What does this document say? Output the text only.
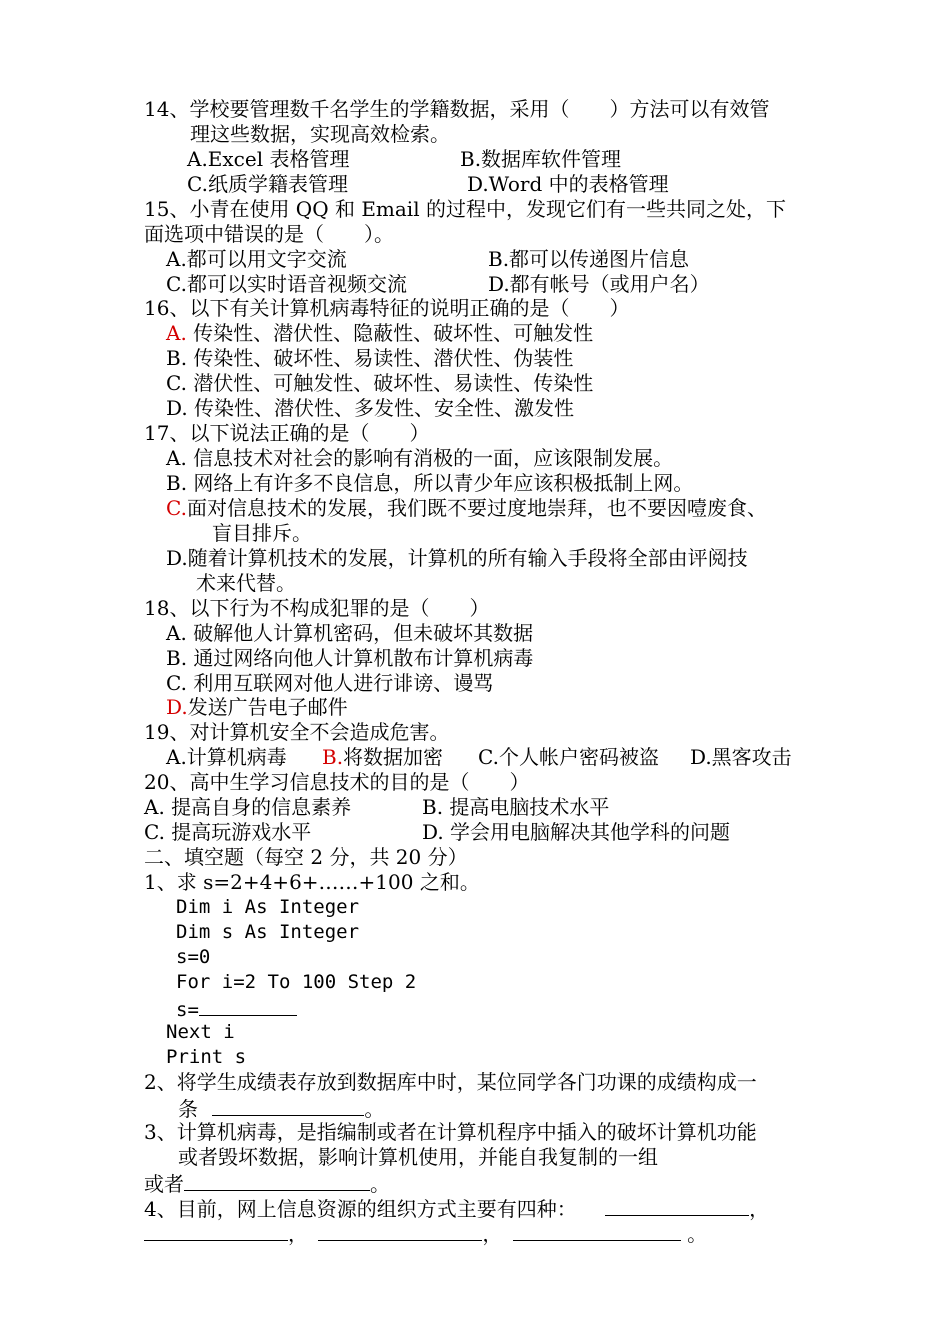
14、学校要管理数千名学生的学籍数据，采用（　　）方法可以有效管
理这些数据，实现高效检索。
A.Excel 表格管理	B.数据库软件管理
C.纸质学籍表管理	D.Word 中的表格管理
15、小青在使用 QQ 和 Email 的过程中，发现它们有一些共同之处，下
面选项中错误的是（　　）。
A.都可以用文字交流	B.都可以传递图片信息
C.都可以实时语音视频交流	D.都有帐号（或用户名）
16、以下有关计算机病毒特征的说明正确的是（　　）
A. 传染性、潜伏性、隐蔽性、破坏性、可触发性
B. 传染性、破坏性、易读性、潜伏性、伪装性
C. 潜伏性、可触发性、破坏性、易读性、传染性
D. 传染性、潜伏性、多发性、安全性、激发性
17、以下说法正确的是（　　）
A. 信息技术对社会的影响有消极的一面，应该限制发展。
B. 网络上有许多不良信息，所以青少年应该积极抵制上网。
C.面对信息技术的发展，我们既不要过度地崇拜，也不要因噎废食、
盲目排斥。
D.随着计算机技术的发展，计算机的所有输入手段将全部由评阅技
术来代替。
18、以下行为不构成犯罪的是（　　）
A. 破解他人计算机密码，但未破坏其数据
B. 通过网络向他人计算机散布计算机病毒
C. 利用互联网对他人进行诽谤、谩骂
D.发送广告电子邮件
19、对计算机安全不会造成危害。
A.计算机病毒 B.将数据加密 C.个人帐户密码被盗 D.黑客攻击
20、高中生学习信息技术的目的是（　　）
A. 提高自身的信息素养	B. 提高电脑技术水平
C. 提高玩游戏水平	D. 学会用电脑解决其他学科的问题
二、填空题（每空 2 分，共 20 分）
1、求 s=2+4+6+……+100 之和。
Dim i As Integer
Dim s As Integer
s=0
For i=2 To 100 Step 2
s=
Next i
Print s
2、将学生成绩表存放到数据库中时，某位同学各门功课的成绩构成一
条	。
3、计算机病毒，是指编制或者在计算机程序中插入的破坏计算机功能
或者毁坏数据，影响计算机使用，并能自我复制的一组
或者	。
4、目前，网上信息资源的组织方式主要有四种：	，
，	，	。
